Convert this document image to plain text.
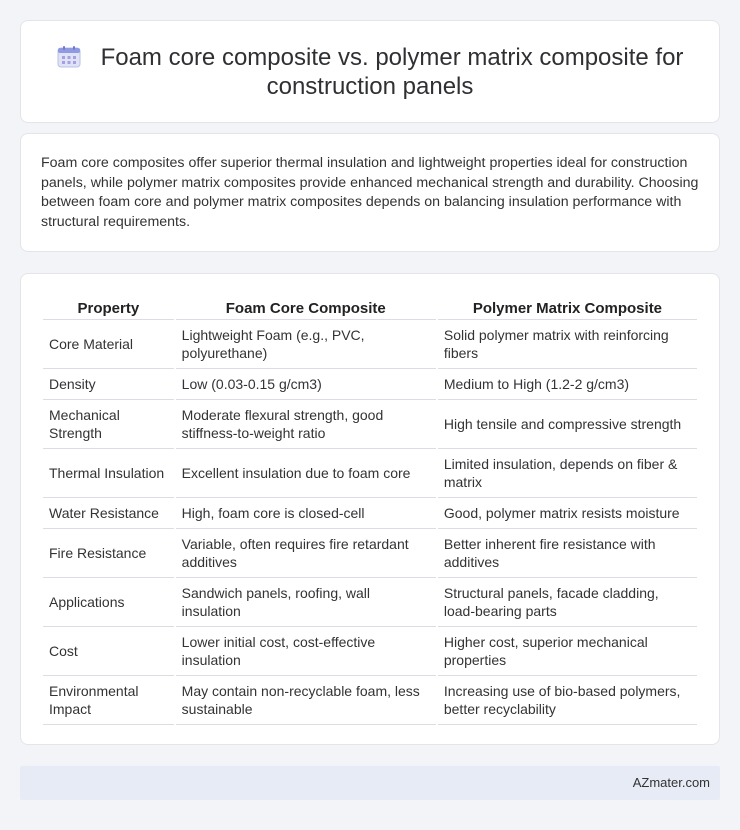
Foam core composite vs. polymer matrix composite for construction panels

Foam core composites offer superior thermal insulation and lightweight properties ideal for construction panels, while polymer matrix composites provide enhanced mechanical strength and durability. Choosing between foam core and polymer matrix composites depends on balancing insulation performance with structural requirements.

Property	Foam Core Composite	Polymer Matrix Composite
Core Material	Lightweight Foam (e.g., PVC, polyurethane)	Solid polymer matrix with reinforcing fibers
Density	Low (0.03-0.15 g/cm3)	Medium to High (1.2-2 g/cm3)
Mechanical Strength	Moderate flexural strength, good stiffness-to-weight ratio	High tensile and compressive strength
Thermal Insulation	Excellent insulation due to foam core	Limited insulation, depends on fiber & matrix
Water Resistance	High, foam core is closed-cell	Good, polymer matrix resists moisture
Fire Resistance	Variable, often requires fire retardant additives	Better inherent fire resistance with additives
Applications	Sandwich panels, roofing, wall insulation	Structural panels, facade cladding, load-bearing parts
Cost	Lower initial cost, cost-effective insulation	Higher cost, superior mechanical properties
Environmental Impact	May contain non-recyclable foam, less sustainable	Increasing use of bio-based polymers, better recyclability
AZmater.com
